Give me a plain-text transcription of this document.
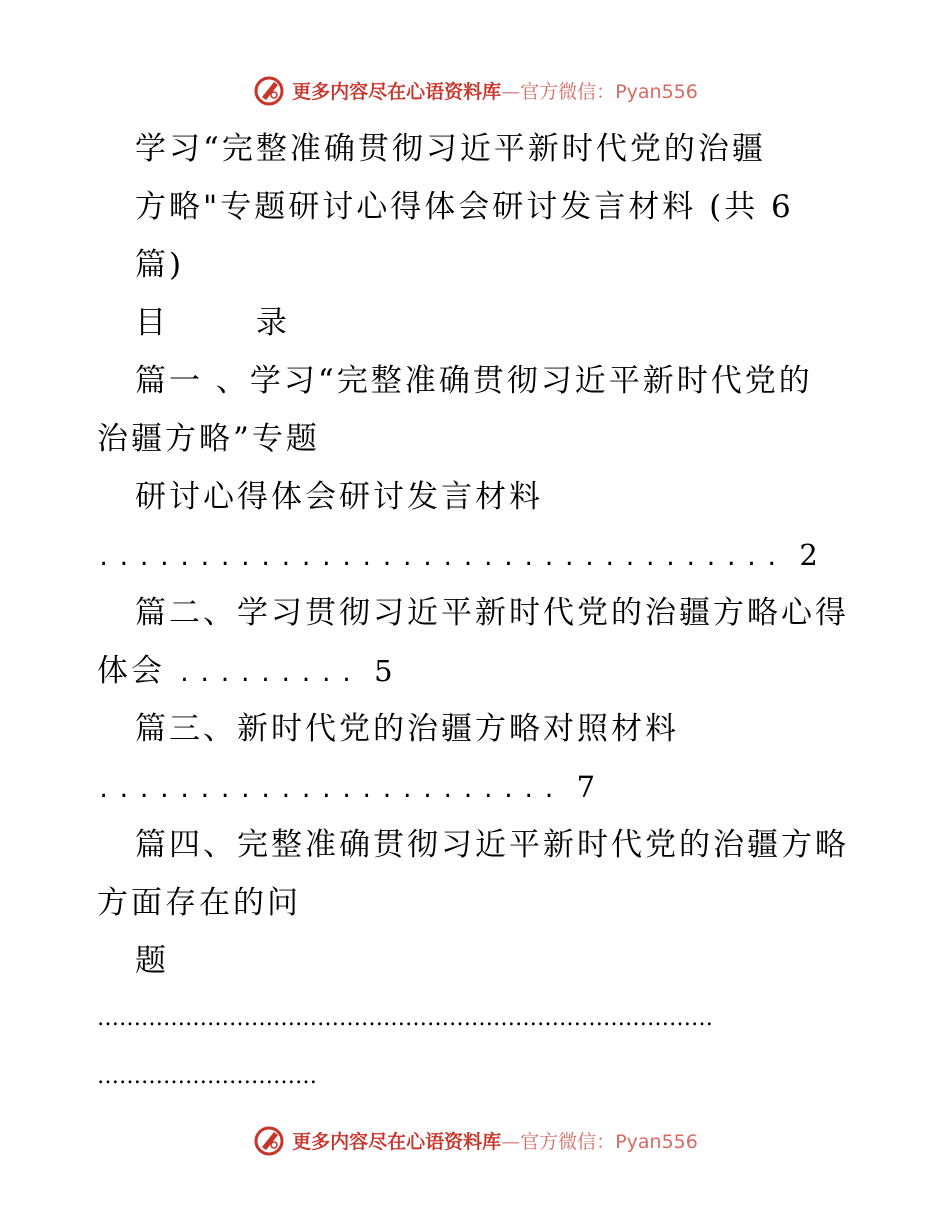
更多内容尽在心语资料库—官方微信：Pyan556
学习“完整准确贯彻习近平新时代党的治疆
方略"专题研讨心得体会研讨发言材料 (共 6
篇)
目 录
篇一 、学习“完整准确贯彻习近平新时代党的
治疆方略”专题
研讨心得体会研讨发言材料
.................................. 2
篇二、学习贯彻习近平新时代党的治疆方略心得
体会 ......... 5
篇三、新时代党的治疆方略对照材料
....................... 7
篇四、完整准确贯彻习近平新时代党的治疆方略
方面存在的问
题
…………………………………………………………………………
…………………………
更多内容尽在心语资料库—官方微信：Pyan556
